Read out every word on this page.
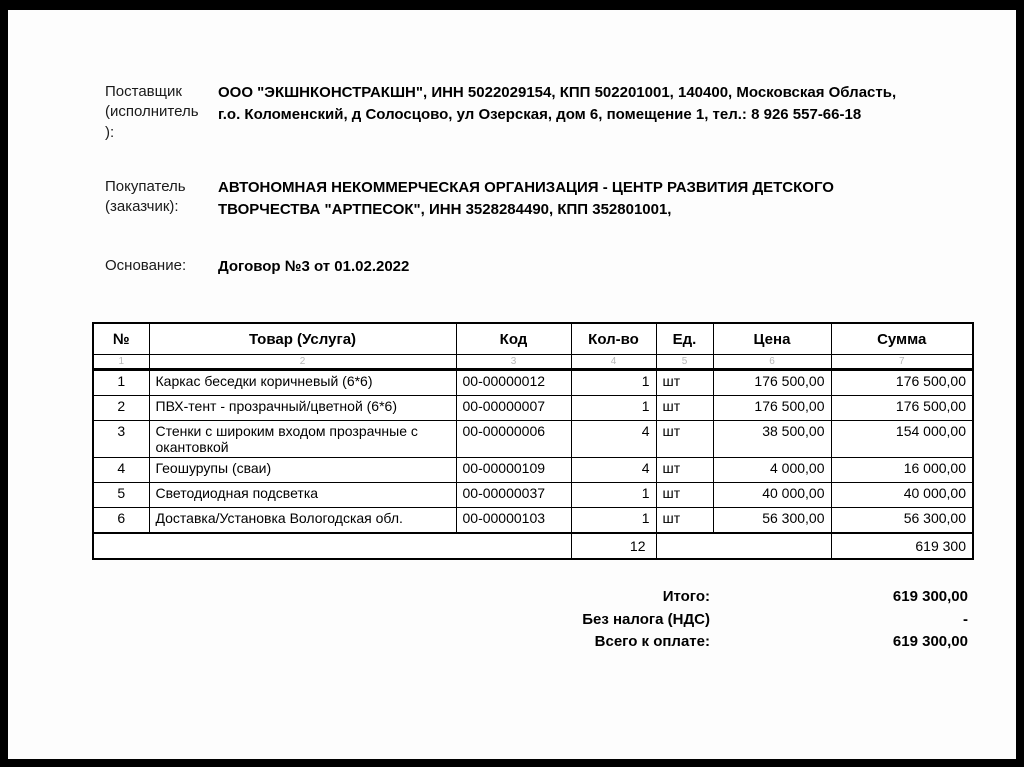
Поставщик
(исполнитель
):
ООО "ЭКШНКОНСТРАКШН", ИНН 5022029154, КПП 502201001, 140400, Московская Область,
г.о. Коломенский, д Солосцово, ул Озерская, дом 6, помещение 1, тел.: 8 926 557-66-18
Покупатель
(заказчик):
АВТОНОМНАЯ НЕКОММЕРЧЕСКАЯ ОРГАНИЗАЦИЯ - ЦЕНТР РАЗВИТИЯ ДЕТСКОГО
ТВОРЧЕСТВА "АРТПЕСОК", ИНН 3528284490, КПП 352801001,
Основание:	Договор №3 от 01.02.2022
№	Товар (Услуга)	Код	Кол-во	Ед.	Цена	Сумма
1	2	3	4	5	6	7
1	Каркас беседки коричневый (6*6)	00-00000012	1	шт	176 500,00	176 500,00
2	ПВХ-тент - прозрачный/цветной (6*6)	00-00000007	1	шт	176 500,00	176 500,00
3	Стенки с широким входом прозрачные с окантовкой	00-00000006	4	шт	38 500,00	154 000,00
4	Геошурупы (сваи)	00-00000109	4	шт	4 000,00	16 000,00
5	Светодиодная подсветка	00-00000037	1	шт	40 000,00	40 000,00
6	Доставка/Установка Вологодская обл.	00-00000103	1	шт	56 300,00	56 300,00
			12			619 300
Итого:	619 300,00
Без налога (НДС)	-
Всего к оплате:	619 300,00
